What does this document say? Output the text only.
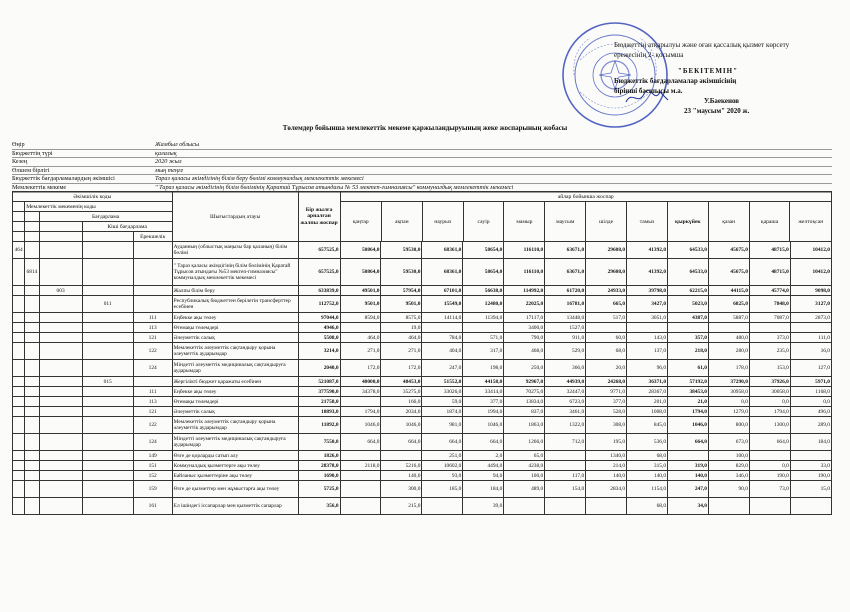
Бюджеттің атқарылуы және оған қассалық қызмет көрсету
ережесінің 2- қосымша
"БЕКІТЕМІН"
Бюджеттік бағдарламалар әкімшісінің
бірінші басшысы м.а.
У.Баекенов
23 "маусым" 2020 ж.
Төлемдер бойынша мемлекеттік мекеме қаржыландыруының жеке жоспарының жобасы
Өңір	Жамбыл облысы
Бюджеттің түрі	қалалық
Кезең	2020 жыл
Өлшем бірлігі	мың теңге
Бюджеттік бағдарламалардың әкімшісі	Тараз қаласы әкімдігінің білім беру бөлімі коммуналдық мемлекеттік мекемесі
Мемлекеттік мекеме	" Тараз қаласы әкімдігінің білім бөлімінің Қаратай Тұрысов атындағы № 53 мектеп-гимназиясы" коммуналдық мемлекеттік мекемесі
Әкімшілік коды	Шығыстардың атауы	Бір жылға арналған жалпы жоспар	айлар бойынша жоспар
	Мемлекеттік мекеменің коды	
қаңтар	ақпан	наурыз	сәуір	мамыр	маусым	шілде	тамыз	қыркүйек	қазан	қараша	желтоқсан

		Бағдарлама
			Кіші бағдарлама
				Ерекшелік
464					Ауданның (облыстық маңызы бар қаланың) білім бөлімі	657525,0	50864,0	59530,0	68361,0	58654,0	116110,0	63671,0	29608,0	41392,0	64533,0	45675,0	48715,0	10412,0
	6814				" Тараз қаласы әкімдігінің білім бөлімінің Қаратай Тұрысов атындағы №53 мектеп-гимназиясы" коммуналдық мемлекеттік мекемесі	657525,0	50864,0	59530,0	68361,0	58654,0	116110,0	63671,0	29608,0	41392,0	64533,0	45675,0	48715,0	10412,0
		003			Жалпы білім беру	633839,0	49501,0	57954,0	67101,0	56638,0	114992,0	61720,0	24933,0	39798,0	62215,0	44115,0	45774,0	9098,0
			011		Республикалық бюджеттен берілетін трансферттер есебінен	112752,0	9501,0	9501,0	15549,0	12480,0	22025,0	16781,0	665,0	3427,0	5023,0	6825,0	7848,0	3127,0
				111	Еңбекке ақы төлеу	97044,0	8594,0	8575,0	14114,0	11394,0	17117,0	13448,0	517,0	3051,0	4387,0	5887,0	7087,0	2873,0
				113	Өтемақы төлемдері	4946,0		19,0			3400,0	1527,0						
				121	Әлеуметтік салық	5508,0	464,0	464,0	784,0	571,0	790,0	911,0	60,0	143,0	357,0	480,0	373,0	111,0
				122	Мемлекеттік әлеуметтік сақтандыру қорына әлеуметтік аударымдар	3214,0	271,0	271,0	404,0	317,0	468,0	529,0	68,0	137,0	218,0	280,0	235,0	16,0
				124	Міндетті әлеуметтік медициналық сақтандыруға аударымдар	2040,0	172,0	172,0	247,0	198,0	250,0	366,0	20,0	96,0	61,0	178,0	153,0	127,0
			015		Жергілікті бюджет қаражаты есебінен	521087,0	40000,0	48453,0	51552,0	44158,0	92967,0	44939,0	24268,0	36371,0	57192,0	37290,0	37926,0	5971,0
				111	Еңбекке ақы төлеу	377590,0	34378,0	35275,0	33026,0	33414,0	70275,0	32447,0	9771,0	28367,0	38453,0	30958,0	30058,0	1168,0
				113	Өтемақы төлемдері	21758,0		166,0	59,0	377,0	13834,0	6723,0	377,0	201,0	21,0	0,0	0,0	0,0
				121	Әлеуметтік салық	18893,0	1794,0	2034,0	1874,0	1994,0	837,0	3461,0	528,0	1008,0	1794,0	1279,0	1794,0	496,0
				122	Мемлекеттік әлеуметтік сақтандыру қорына әлеуметтік аударымдар	11892,0	1046,0	1046,0	981,0	1046,0	1863,0	1322,0	308,0	845,0	1046,0	800,0	1300,0	289,0
				124	Міндетті әлеуметтік медициналық сақтандыруға аударымдар	7550,0	664,0	664,0	664,0	664,0	1266,0	712,0	195,0	536,0	664,0	673,0	664,0	184,0
				149	Өзге де қорларды сатып алу	1826,0			251,0	2,0	65,0		1340,0	68,0		100,0		
				151	Коммуналдық қызметтерге ақы төлеу	28378,0	2118,0	5216,0	10602,0	4494,0	4238,0		214,0	315,0	319,0	829,0	0,0	33,0
				152	Байланыс қызметтеріне ақы төлеу	1690,0		140,0	93,0	94,0	100,0	117,0	140,0	140,0	140,0	346,0	190,0	190,0
				159	Өзге де қызметтер мен жұмыстарға ақы төлеу	5725,0		300,0	185,0	184,0	489,0	154,0	2834,0	1154,0	247,0	90,0	73,0	15,0
				161	Ел ішіндегі іссапарлар мен қызметтік сапарлар	356,0		215,0		39,0				68,0	34,0			
